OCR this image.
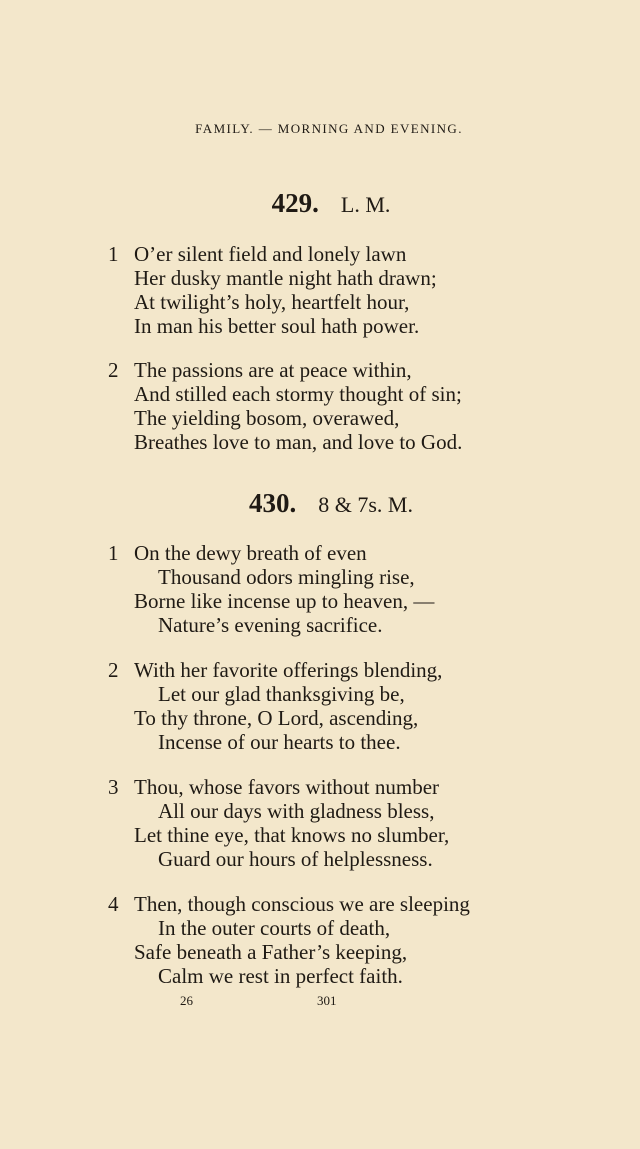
FAMILY. — MORNING AND EVENING.
429. L. M.
1 O’er silent field and lonely lawn
Her dusky mantle night hath drawn;
At twilight’s holy, heartfelt hour,
In man his better soul hath power.
2 The passions are at peace within,
And stilled each stormy thought of sin;
The yielding bosom, overawed,
Breathes love to man, and love to God.
430. 8 & 7s. M.
1 On the dewy breath of even
Thousand odors mingling rise,
Borne like incense up to heaven, —
Nature’s evening sacrifice.
2 With her favorite offerings blending,
Let our glad thanksgiving be,
To thy throne, O Lord, ascending,
Incense of our hearts to thee.
3 Thou, whose favors without number
All our days with gladness bless,
Let thine eye, that knows no slumber,
Guard our hours of helplessness.
4 Then, though conscious we are sleeping
In the outer courts of death,
Safe beneath a Father’s keeping,
Calm we rest in perfect faith.
26	301
